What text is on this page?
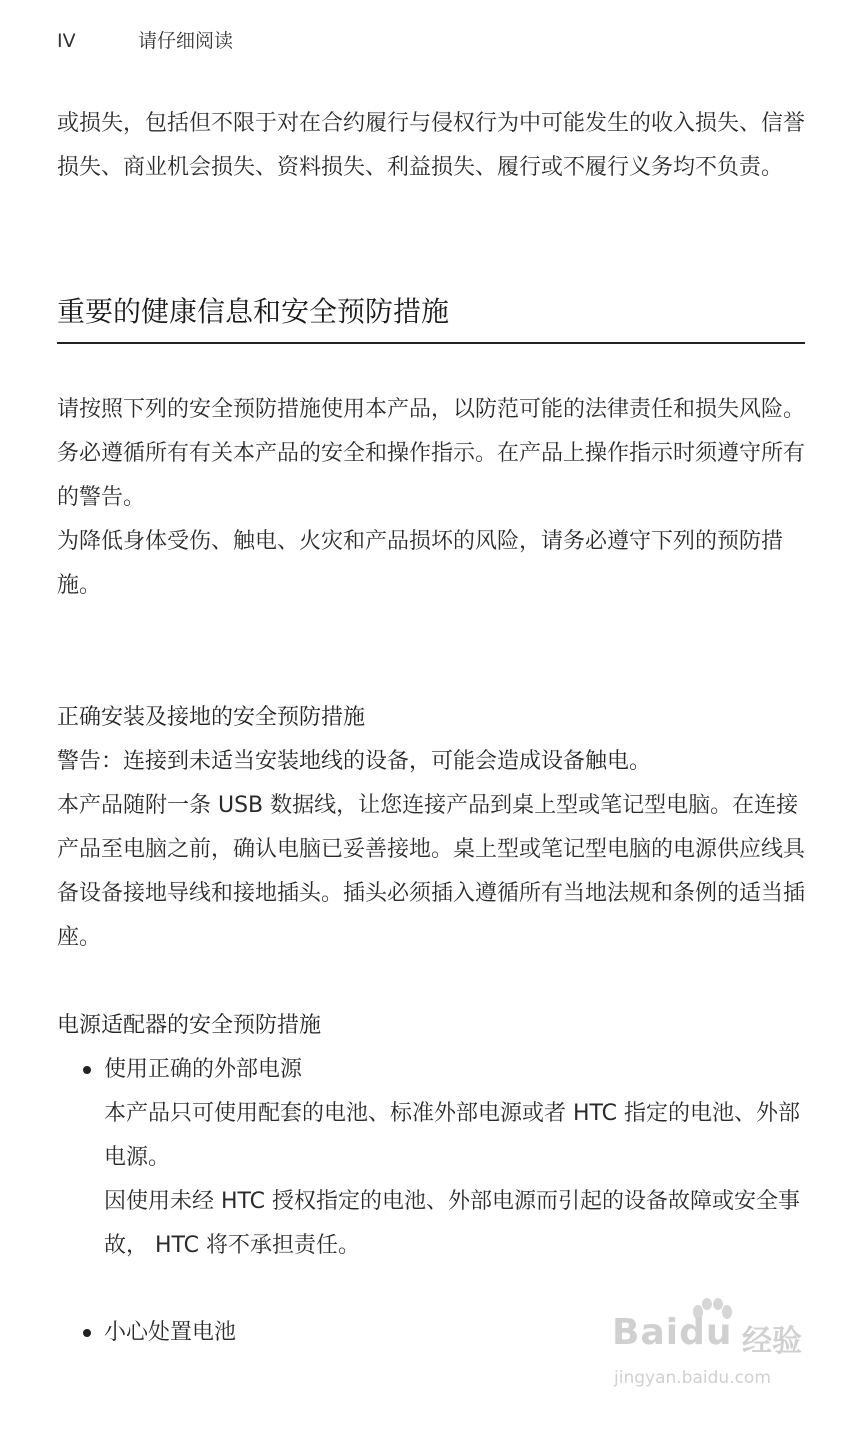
IV	请仔细阅读

或损失，包括但不限于对在合约履行与侵权行为中可能发生的收入损失、信誉损失、商业机会损失、资料损失、利益损失、履行或不履行义务均不负责。

重要的健康信息和安全预防措施
请按照下列的安全预防措施使用本产品，以防范可能的法律责任和损失风险。
务必遵循所有有关本产品的安全和操作指示。在产品上操作指示时须遵守所有的警告。
为降低身体受伤、触电、火灾和产品损坏的风险，请务必遵守下列的预防措施。

正确安装及接地的安全预防措施

警告：连接到未适当安装地线的设备，可能会造成设备触电。

本产品随附一条 USB 数据线，让您连接产品到桌上型或笔记型电脑。在连接产品至电脑之前，确认电脑已妥善接地。桌上型或笔记型电脑的电源供应线具备设备接地导线和接地插头。插头必须插入遵循所有当地法规和条例的适当插座。

电源适配器的安全预防措施

使用正确的外部电源

本产品只可使用配套的电池、标准外部电源或者 HTC 指定的电池、外部电源。

因使用未经 HTC 授权指定的电池、外部电源而引起的设备故障或安全事故， HTC 将不承担责任。

小心处置电池	Baidu 经验
jingyan.baidu.com
